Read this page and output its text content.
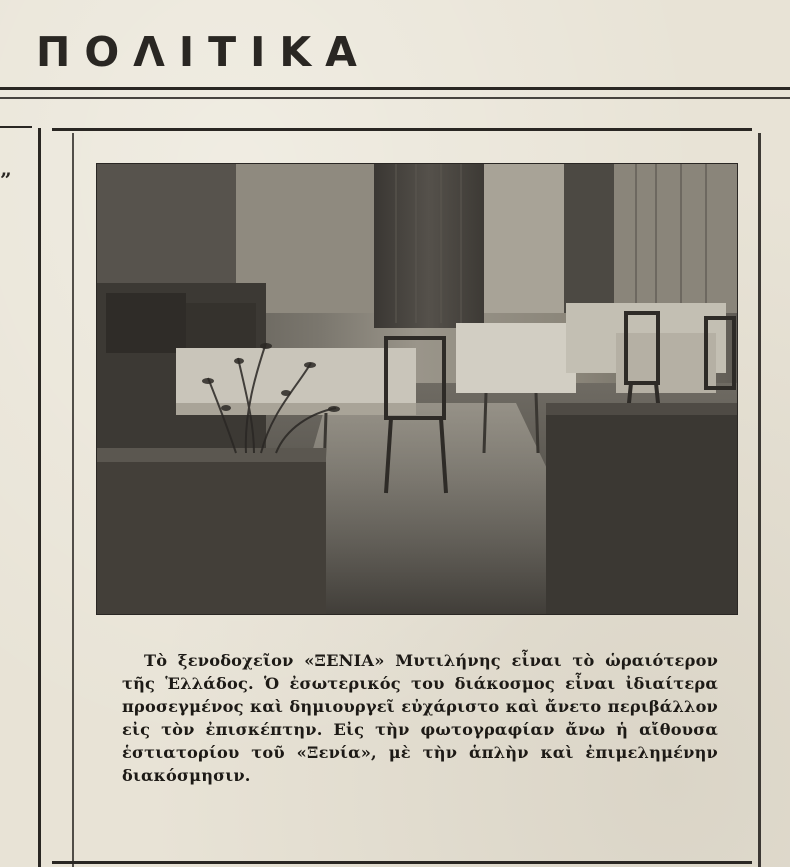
ΠΟΛΙΤΙΚΑ
”
Τὸ ξενοδοχεῖον «ΞΕΝΙΑ» Μυτιλήνης εἶναι τὸ ὡραιότερον τῆς Ἑλλάδος. Ὁ ἐσωτερικός του διάκοσμος εἶναι ἰδιαίτερα προσεγμένος καὶ δημιουργεῖ εὐχάριστο καὶ ἄνετο περιβάλλον εἰς τὸν ἐπισκέπτην. Εἰς τὴν φωτογραφίαν ἄνω ἡ αἴθουσα ἑστιατορίου τοῦ «Ξενία», μὲ τὴν ἁπλὴν καὶ ἐπιμελημένην διακόσμησιν.
